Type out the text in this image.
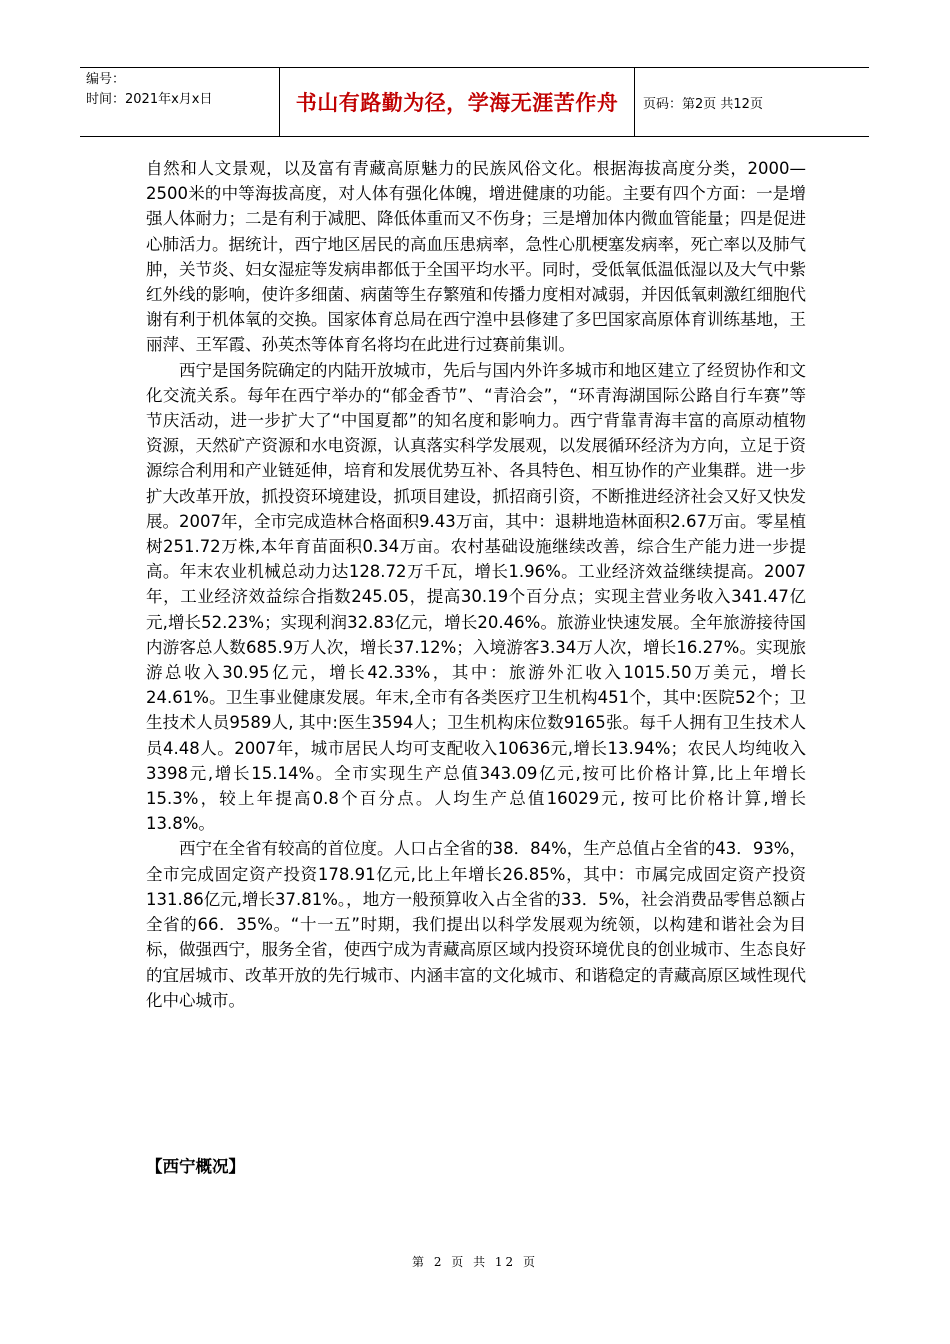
编号：
时间：2021年x月x日	书山有路勤为径，学海无涯苦作舟	页码：第2页 共12页

自然和人文景观，以及富有青藏高原魅力的民族风俗文化。根据海拔高度分类，2000—2500米的中等海拔高度，对人体有强化体魄，增进健康的功能。主要有四个方面：一是增强人体耐力；二是有利于减肥、降低体重而又不伤身；三是增加体内微血管能量；四是促进心肺活力。据统计，西宁地区居民的高血压患病率，急性心肌梗塞发病率，死亡率以及肺气肿，关节炎、妇女湿症等发病串都低于全国平均水平。同时，受低氧低温低湿以及大气中紫红外线的影响，使许多细菌、病菌等生存繁殖和传播力度相对减弱，并因低氧刺激红细胞代谢有利于机体氧的交换。国家体育总局在西宁湟中县修建了多巴国家高原体育训练基地，王丽萍、王军霞、孙英杰等体育名将均在此进行过赛前集训。

西宁是国务院确定的内陆开放城市，先后与国内外许多城市和地区建立了经贸协作和文化交流关系。每年在西宁举办的“郁金香节”、“青洽会”，“环青海湖国际公路自行车赛”等节庆活动，进一步扩大了“中国夏都”的知名度和影响力。西宁背靠青海丰富的高原动植物资源，天然矿产资源和水电资源，认真落实科学发展观，以发展循环经济为方向，立足于资源综合利用和产业链延伸，培育和发展优势互补、各具特色、相互协作的产业集群。进一步扩大改革开放，抓投资环境建设，抓项目建设，抓招商引资，不断推进经济社会又好又快发展。2007年，全市完成造林合格面积9.43万亩，其中：退耕地造林面积2.67万亩。零星植树251.72万株,本年育苗面积0.34万亩。农村基础设施继续改善，综合生产能力进一步提高。年末农业机械总动力达128.72万千瓦，增长1.96%。工业经济效益继续提高。2007年，工业经济效益综合指数245.05，提高30.19个百分点；实现主营业务收入341.47亿元,增长52.23%；实现利润32.83亿元，增长20.46%。旅游业快速发展。全年旅游接待国内游客总人数685.9万人次，增长37.12%；入境游客3.34万人次，增长16.27%。实现旅游总收入30.95亿元，增长42.33%，其中：旅游外汇收入1015.50万美元，增长24.61%。卫生事业健康发展。年末,全市有各类医疗卫生机构451个，其中:医院52个；卫生技术人员9589人, 其中:医生3594人；卫生机构床位数9165张。每千人拥有卫生技术人员4.48人。2007年，城市居民人均可支配收入10636元,增长13.94%；农民人均纯收入3398元,增长15.14%。全市实现生产总值343.09亿元,按可比价格计算,比上年增长15.3%，较上年提高0.8个百分点。人均生产总值16029元, 按可比价格计算,增长13.8%。

西宁在全省有较高的首位度。人口占全省的38．84%，生产总值占全省的43．93%， 全市完成固定资产投资178.91亿元,比上年增长26.85%，其中：市属完成固定资产投资131.86亿元,增长37.81%。，地方一般预算收入占全省的33．5%，社会消费品零售总额占全省的66．35%。“十一五”时期，我们提出以科学发展观为统领，以构建和谐社会为目标，做强西宁，服务全省，使西宁成为青藏高原区域内投资环境优良的创业城市、生态良好的宜居城市、改革开放的先行城市、内涵丰富的文化城市、和谐稳定的青藏高原区域性现代化中心城市。

【西宁概况】
第 2 页 共 12 页
